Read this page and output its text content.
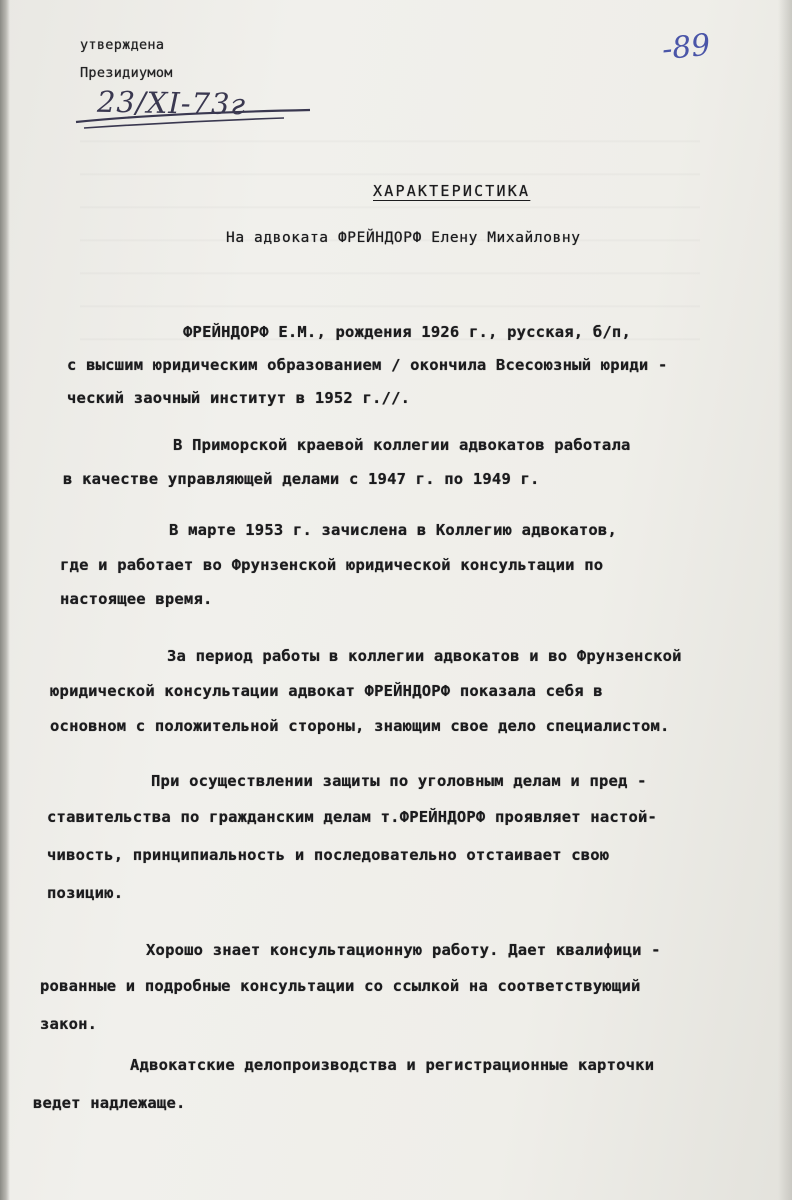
утверждена
Президиумом
23/XI-73г
-89
ХАРАКТЕРИСТИКА
На адвоката ФРЕЙНДОРФ Елену Михайловну
ФРЕЙНДОРФ Е.М., рождения 1926 г., русская, б/п,
с высшим юридическим образованием / окончила Всесоюзный юриди -
ческий заочный институт в 1952 г.//.
В Приморской краевой коллегии адвокатов работала
в качестве управляющей делами с 1947 г. по 1949 г.
В марте 1953 г. зачислена в Коллегию адвокатов,
где и работает во Фрунзенской юридической консультации по
настоящее время.
За период работы в коллегии адвокатов и во Фрунзенской
юридической консультации адвокат ФРЕЙНДОРФ показала себя в
основном с положительной стороны, знающим свое дело специалистом.
При осуществлении защиты по уголовным делам и пред -
ставительства по гражданским делам т.ФРЕЙНДОРФ проявляет настой-
чивость, принципиальность и последовательно отстаивает свою
позицию.
Хорошо знает консультационную работу. Дает квалифици -
рованные и подробные консультации со ссылкой на соответствующий
закон.
Адвокатские делопроизводства и регистрационные карточки
ведет надлежаще.
